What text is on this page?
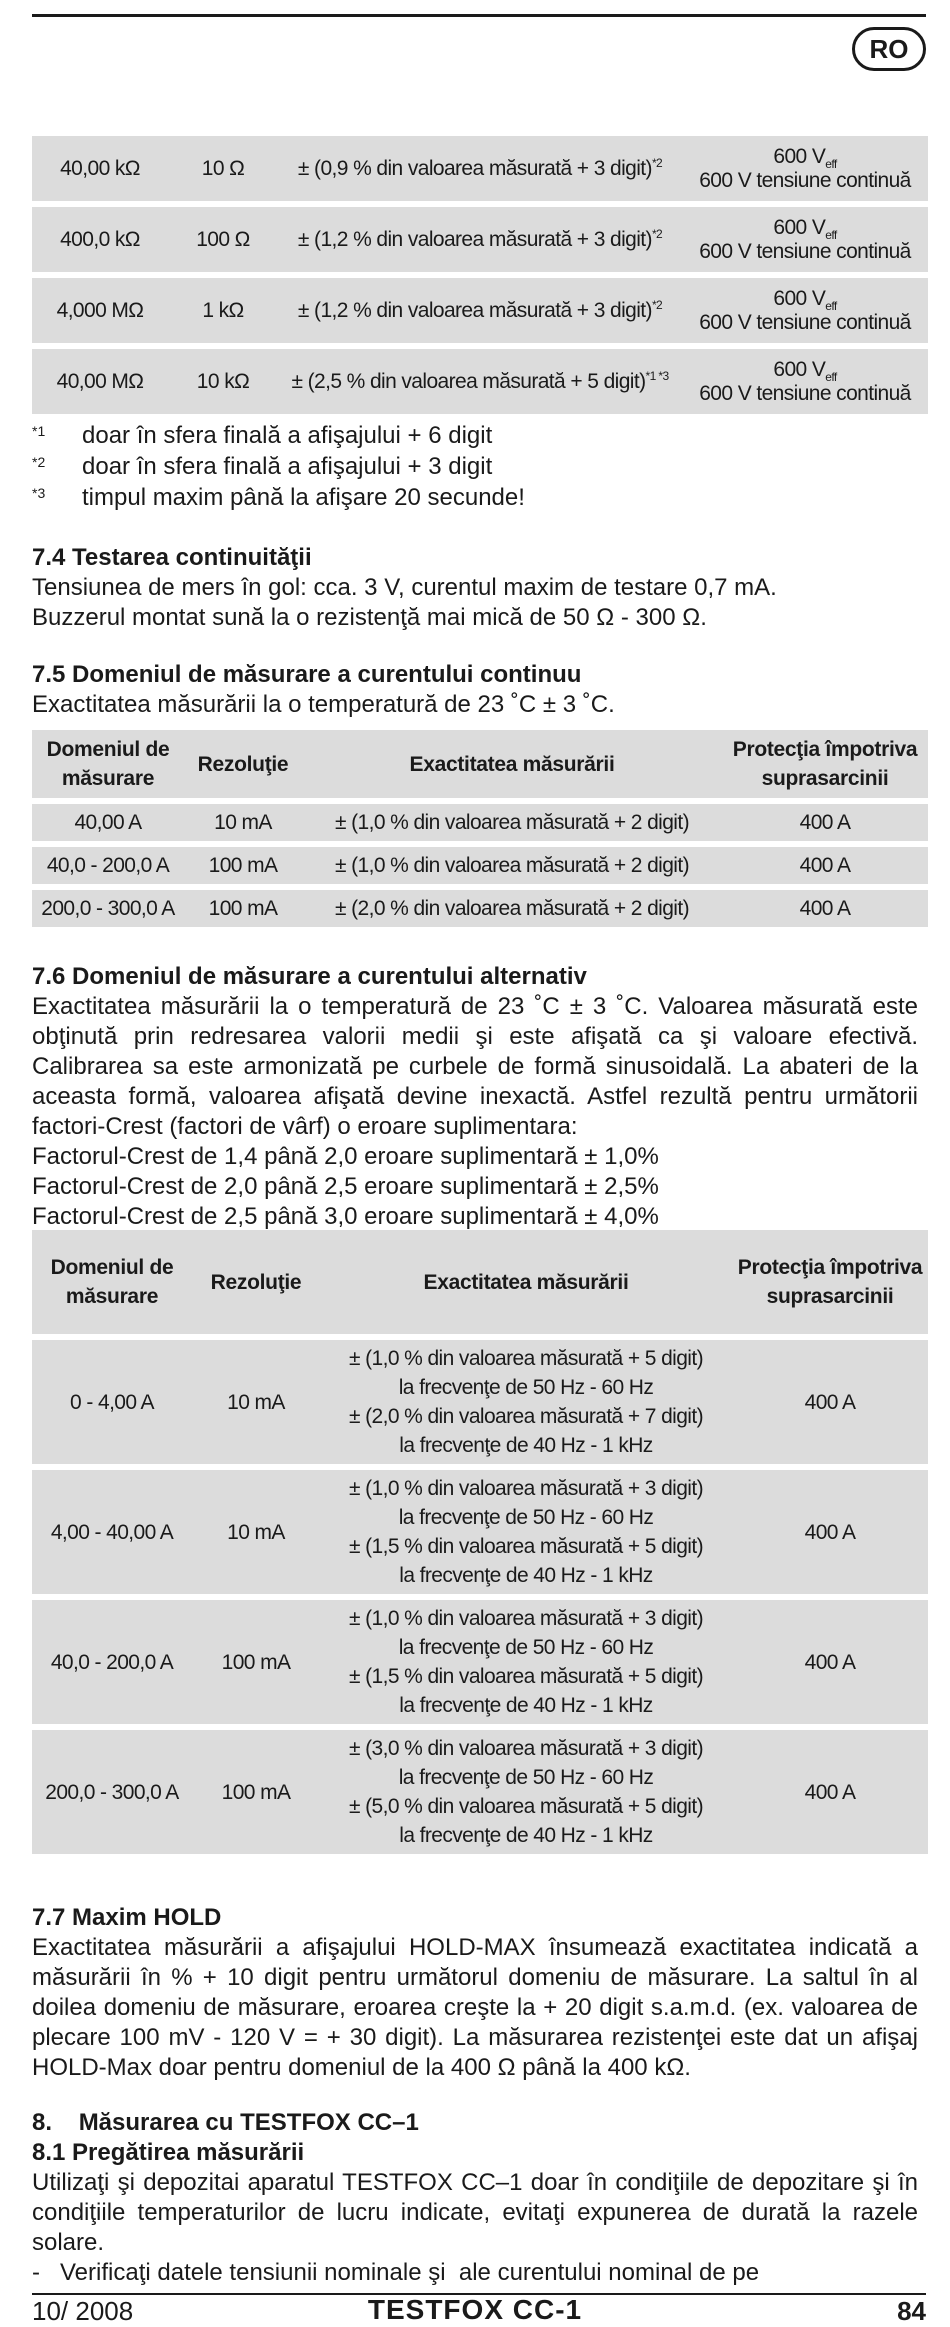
RO
40,00 kΩ	10 Ω	± (0,9 % din valoarea măsurată + 3 digit)$^{*2}$	600 $V_{eff}$
600 V tensiune continuă

400,0 kΩ	100 Ω	± (1,2 % din valoarea măsurată + 3 digit)$^{*2}$	600 $V_{eff}$
600 V tensiune continuă

4,000 MΩ	1 kΩ	± (1,2 % din valoarea măsurată + 3 digit)$^{*2}$	600 $V_{eff}$
600 V tensiune continuă

40,00 MΩ	10 kΩ	± (2,5 % din valoarea măsurată + 5 digit)$^{*1 *3}$	600 $V_{eff}$
600 V tensiune continuă
*1 doar în sfera finală a afişajului + 6 digit
*2 doar în sfera finală a afişajului + 3 digit
*3 timpul maxim până la afişare 20 secunde!
7.4 Testarea continuităţii

Tensiunea de mers în gol: cca. 3 V, curentul maxim de testare 0,7 mA.

Buzzerul montat sună la o rezistenţă mai mică de 50 Ω - 300 Ω.

7.5 Domeniul de măsurare a curentului continuu

Exactitatea măsurării la o temperatură de 23 ˚C ± 3 ˚C.

Domeniul de măsurare	Rezoluţie	Exactitatea măsurării	Protecţia împotriva suprasarcinii
40,00 A	10 mA	± (1,0 % din valoarea măsurată + 2 digit)	400 A
40,0 - 200,0 A	100 mA	± (1,0 % din valoarea măsurată + 2 digit)	400 A
200,0 - 300,0 A	100 mA	± (2,0 % din valoarea măsurată + 2 digit)	400 A
7.6 Domeniul de măsurare a curentului alternativ

Exactitatea măsurării la o temperatură de 23 ˚C ± 3 ˚C. Valoarea măsurată este obţinută prin redresarea valorii medii şi este afişată ca şi valoare efectivă. Calibrarea sa este armonizată pe curbele de formă sinusoidală. La abateri de la aceasta formă, valoarea afişată devine inexactă. Astfel rezultă pentru următorii factori-Crest (factori de vârf) o eroare suplimentara:

Factorul-Crest de 1,4 până 2,0 eroare suplimentară ± 1,0%

Factorul-Crest de 2,0 până 2,5 eroare suplimentară ± 2,5%

Factorul-Crest de 2,5 până 3,0 eroare suplimentară ± 4,0%

Domeniul de măsurare	Rezoluţie	Exactitatea măsurării	Protecţia împotriva suprasarcinii
0 - 4,00 A	10 mA	± (1,0 % din valoarea măsurată + 5 digit)
la frecvenţe de 50 Hz - 60 Hz
± (2,0 % din valoarea măsurată + 7 digit)
la frecvenţe de 40 Hz - 1 kHz	400 A
4,00 - 40,00 A	10 mA	± (1,0 % din valoarea măsurată + 3 digit)
la frecvenţe de 50 Hz - 60 Hz
± (1,5 % din valoarea măsurată + 5 digit)
la frecvenţe de 40 Hz - 1 kHz	400 A
40,0 - 200,0 A	100 mA	± (1,0 % din valoarea măsurată + 3 digit)
la frecvenţe de 50 Hz - 60 Hz
± (1,5 % din valoarea măsurată + 5 digit)
la frecvenţe de 40 Hz - 1 kHz	400 A
200,0 - 300,0 A	100 mA	± (3,0 % din valoarea măsurată + 3 digit)
la frecvenţe de 50 Hz - 60 Hz
± (5,0 % din valoarea măsurată + 5 digit)
la frecvenţe de 40 Hz - 1 kHz	400 A
7.7 Maxim HOLD

Exactitatea măsurării a afişajului HOLD-MAX însumează exactitatea indicată a măsurării în % + 10 digit pentru următorul domeniu de măsurare. La saltul în al doilea domeniu de măsurare, eroarea creşte la + 20 digit s.a.m.d. (ex. valoarea de plecare 100 mV - 120 V = + 30 digit). La măsurarea rezistenţei este dat un afişaj HOLD-Max doar pentru domeniul de la 400 Ω până la 400 kΩ.

8.    Măsurarea cu TESTFOX CC–1
8.1 Pregătirea măsurării

Utilizaţi şi depozitai aparatul TESTFOX CC–1 doar în condiţiile de depozitare şi în condiţiile temperaturilor de lucru indicate, evitaţi expunerea de durată la razele solare.

-   Verificaţi datele tensiunii nominale şi  ale curentului nominal de pe

10/ 2008	TESTFOX CC-1	84
